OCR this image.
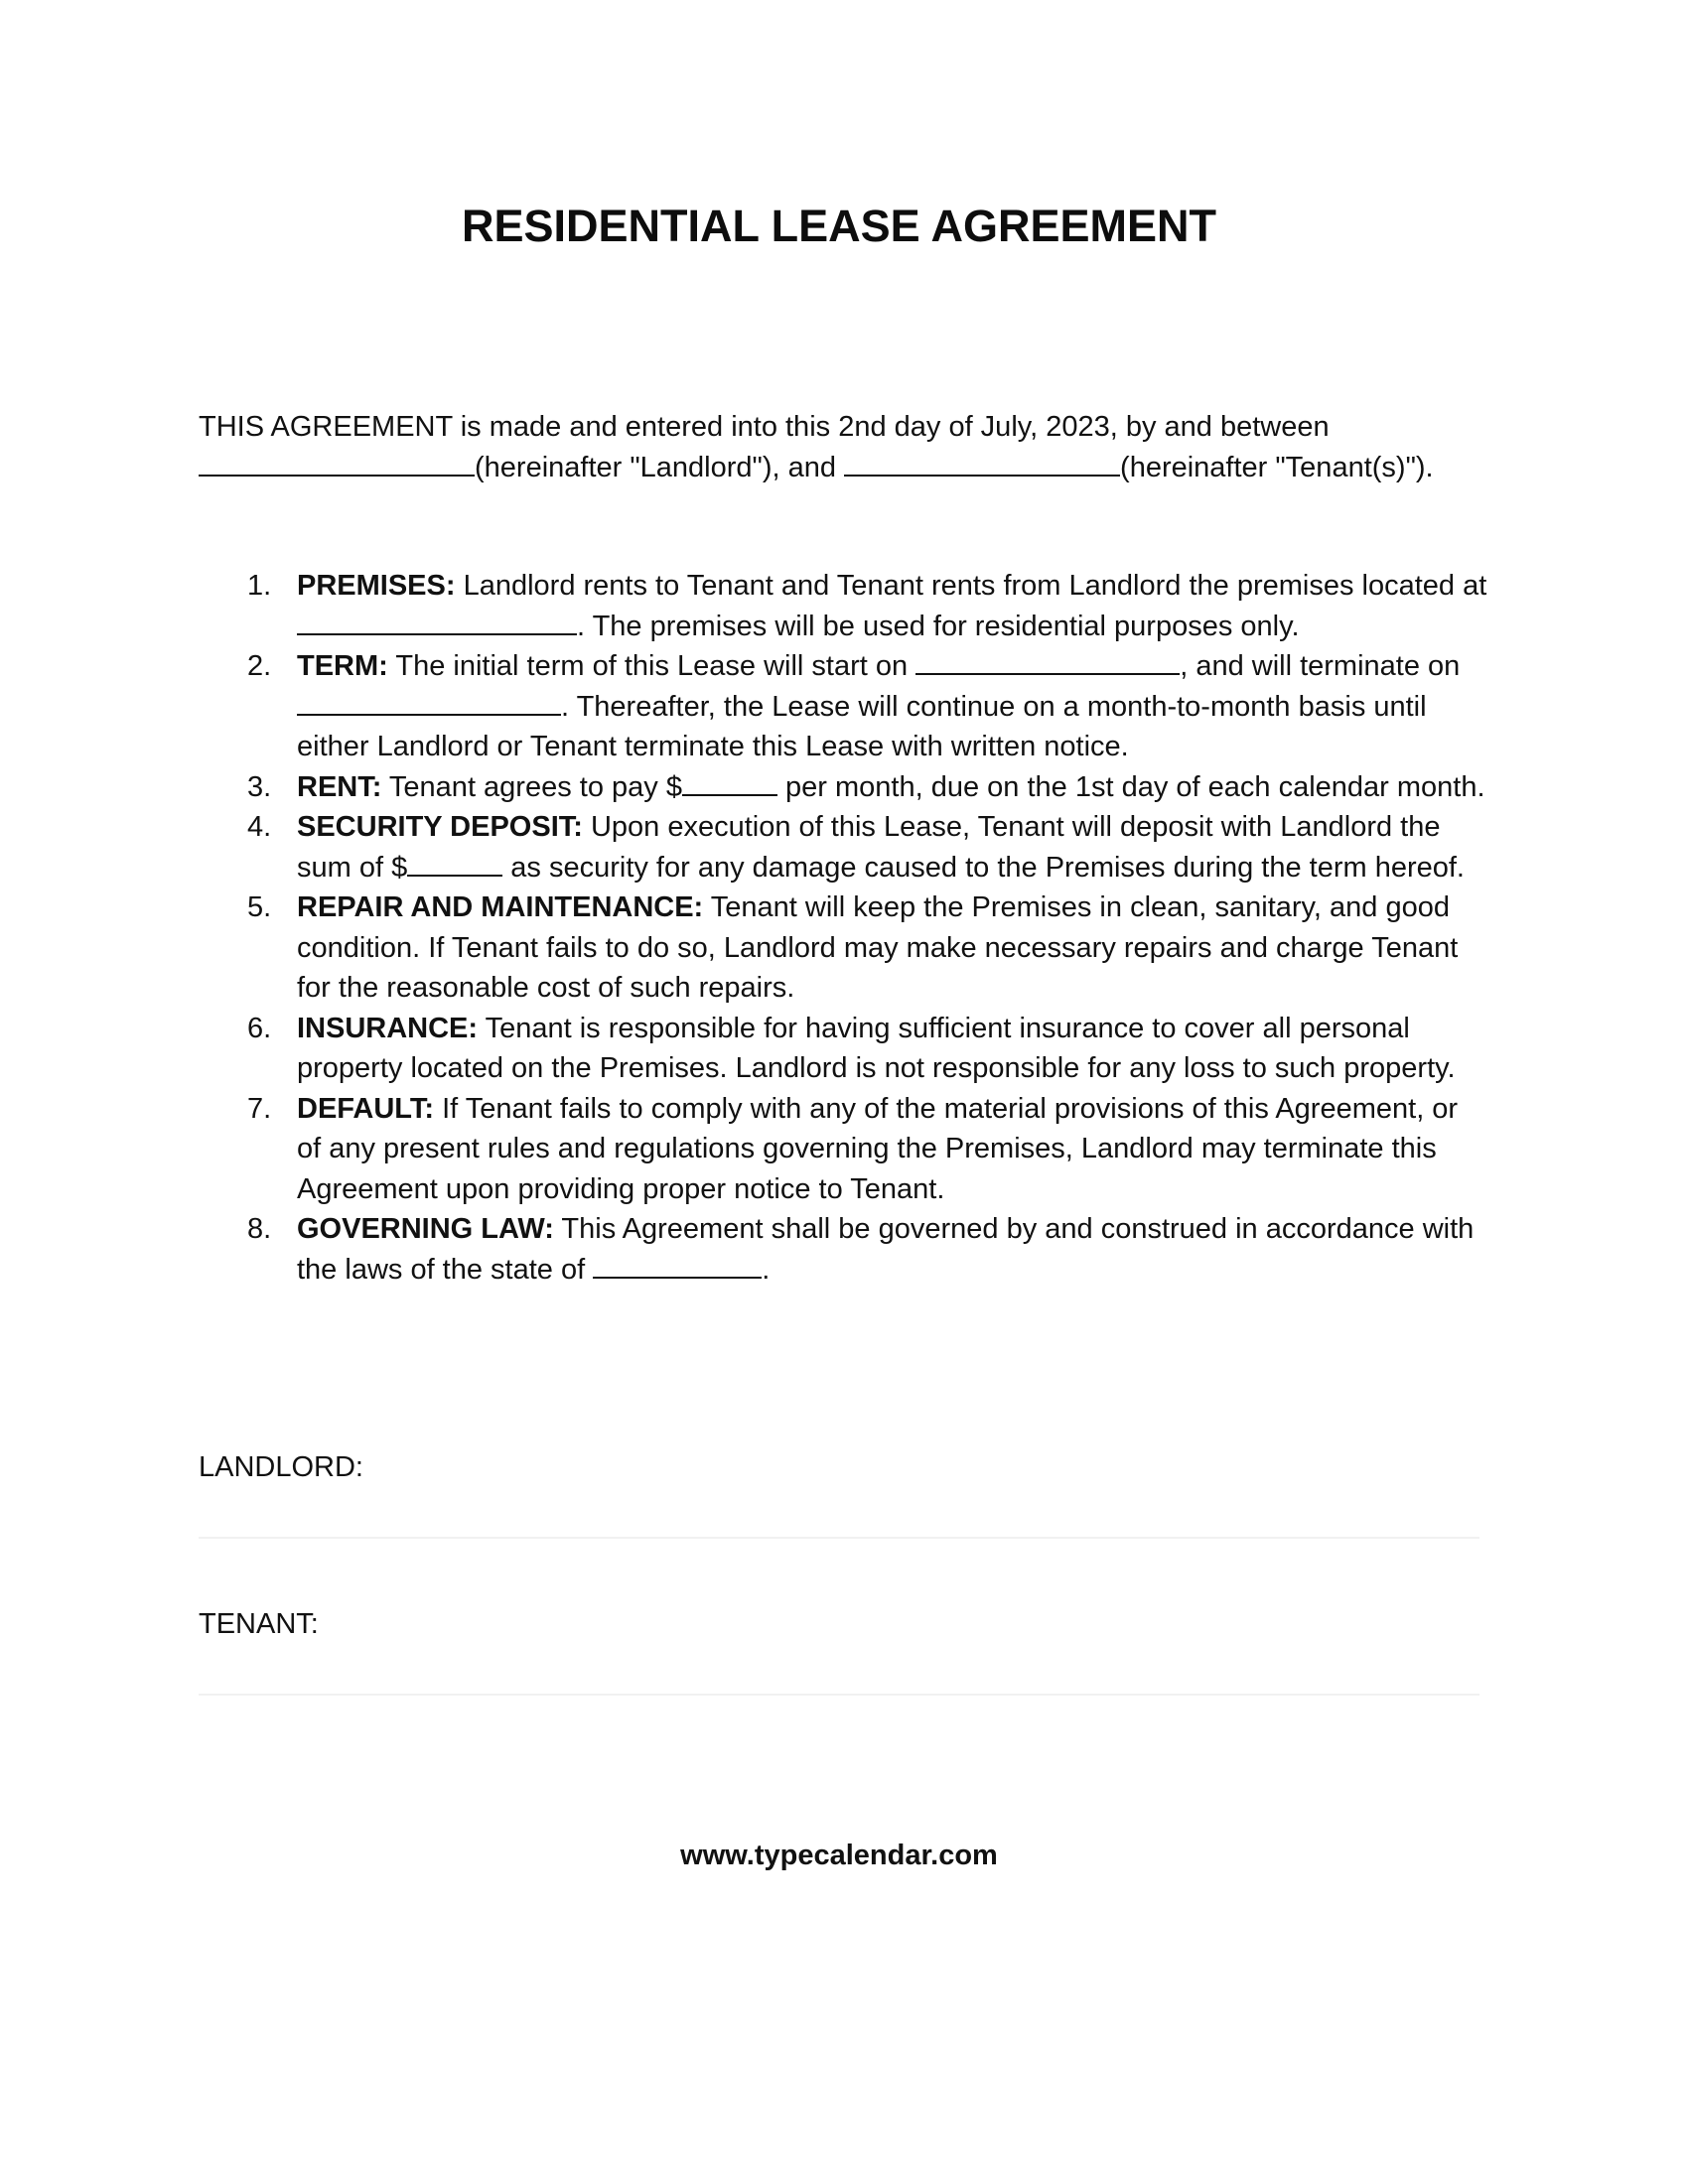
RESIDENTIAL LEASE AGREEMENT

THIS AGREEMENT is made and entered into this 2nd day of July, 2023, by and between (hereinafter "Landlord"), and	(hereinafter "Tenant(s)").

1. PREMISES: Landlord rents to Tenant and Tenant rents from Landlord the premises located at . The premises will be used for residential purposes only.
2. TERM: The initial term of this Lease will start on	, and will terminate on . Thereafter, the Lease will continue on a month-to-month basis until either Landlord or Tenant terminate this Lease with written notice.
3. RENT: Tenant agrees to pay $	per month, due on the 1st day of each calendar month.
4. SECURITY DEPOSIT: Upon execution of this Lease, Tenant will deposit with Landlord the sum of $	as security for any damage caused to the Premises during the term hereof.
5. REPAIR AND MAINTENANCE: Tenant will keep the Premises in clean, sanitary, and good condition. If Tenant fails to do so, Landlord may make necessary repairs and charge Tenant for the reasonable cost of such repairs.
6. INSURANCE: Tenant is responsible for having sufficient insurance to cover all personal property located on the Premises. Landlord is not responsible for any loss to such property.
7. DEFAULT: If Tenant fails to comply with any of the material provisions of this Agreement, or of any present rules and regulations governing the Premises, Landlord may terminate this Agreement upon providing proper notice to Tenant.
8. GOVERNING LAW: This Agreement shall be governed by and construed in accordance with the laws of the state of	.

LANDLORD:

TENANT:

www.typecalendar.com
